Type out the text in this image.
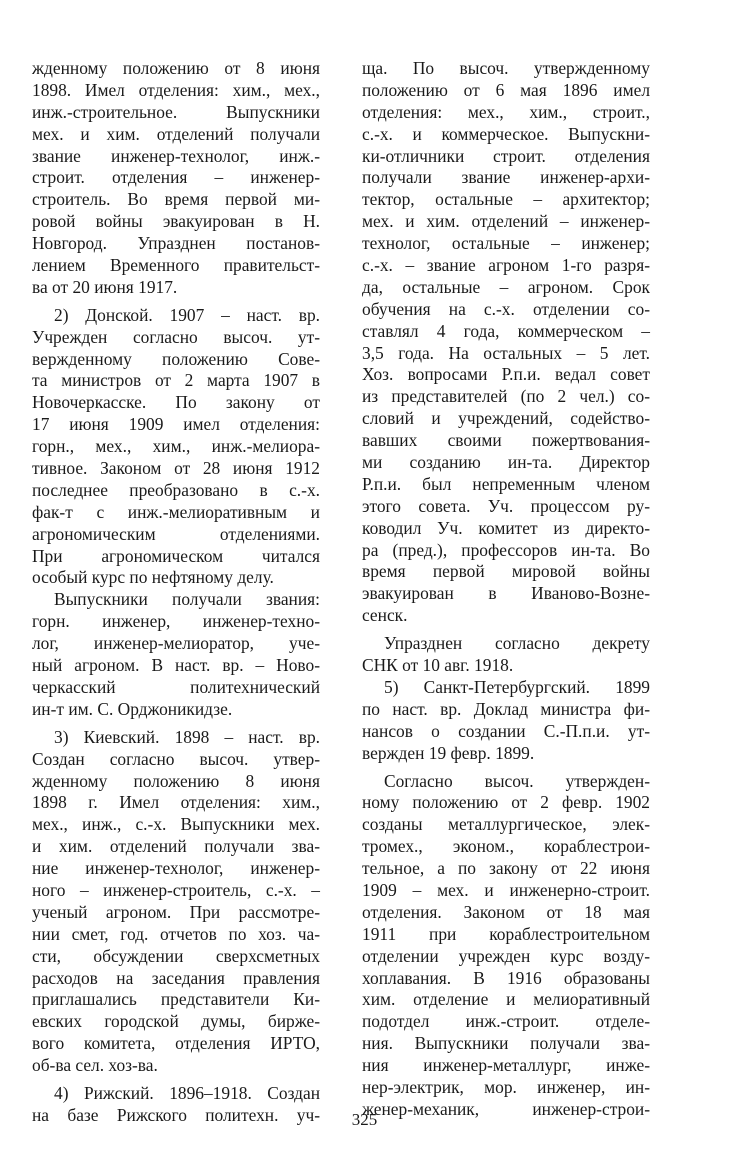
жденному положению от 8 июня
1898. Имел отделения: хим., мех.,
инж.-строительное. Выпускники
мех. и хим. отделений получали
звание инженер-технолог, инж.-
строит. отделения – инженер-
строитель. Во время первой ми-
ровой войны эвакуирован в Н.
Новгород. Упразднен постанов-
лением Временного правительст-
ва от 20 июня 1917.
2) Донской. 1907 – наст. вр.
Учрежден согласно высоч. ут-
вержденному положению Сове-
та министров от 2 марта 1907 в
Новочеркасске. По закону от
17 июня 1909 имел отделения:
горн., мех., хим., инж.-мелиора-
тивное. Законом от 28 июня 1912
последнее преобразовано в с.-х.
фак-т с инж.-мелиоративным и
агрономическим отделениями.
При агрономическом читался
особый курс по нефтяному делу.
Выпускники получали звания:
горн. инженер, инженер-техно-
лог, инженер-мелиоратор, уче-
ный агроном. В наст. вр. – Ново-
черкасский политехнический
ин-т им. С. Орджоникидзе.
3) Киевский. 1898 – наст. вр.
Создан согласно высоч. утвер-
жденному положению 8 июня
1898 г. Имел отделения: хим.,
мех., инж., с.-х. Выпускники мех.
и хим. отделений получали зва-
ние инженер-технолог, инженер-
ного – инженер-строитель, с.-х. –
ученый агроном. При рассмотре-
нии смет, год. отчетов по хоз. ча-
сти, обсуждении сверхсметных
расходов на заседания правления
приглашались представители Ки-
евских городской думы, бирже-
вого комитета, отделения ИРТО,
об-ва сел. хоз-ва.
4) Рижский. 1896–1918. Создан
на базе Рижского политехн. уч-
ща. По высоч. утвержденному
положению от 6 мая 1896 имел
отделения: мех., хим., строит.,
с.-х. и коммерческое. Выпускни-
ки-отличники строит. отделения
получали звание инженер-архи-
тектор, остальные – архитектор;
мех. и хим. отделений – инженер-
технолог, остальные – инженер;
с.-х. – звание агроном 1-го разря-
да, остальные – агроном. Срок
обучения на с.-х. отделении со-
ставлял 4 года, коммерческом –
3,5 года. На остальных – 5 лет.
Хоз. вопросами Р.п.и. ведал совет
из представителей (по 2 чел.) со-
словий и учреждений, содейство-
вавших своими пожертвования-
ми созданию ин-та. Директор
Р.п.и. был непременным членом
этого совета. Уч. процессом ру-
ководил Уч. комитет из директо-
ра (пред.), профессоров ин-та. Во
время первой мировой войны
эвакуирован в Иваново-Возне-
сенск.
Упразднен согласно декрету
СНК от 10 авг. 1918.
5) Санкт-Петербургский. 1899
по наст. вр. Доклад министра фи-
нансов о создании С.-П.п.и. ут-
вержден 19 февр. 1899.
Согласно высоч. утвержден-
ному положению от 2 февр. 1902
созданы металлургическое, элек-
тромех., эконом., кораблестрои-
тельное, а по закону от 22 июня
1909 – мех. и инженерно-строит.
отделения. Законом от 18 мая
1911 при кораблестроительном
отделении учрежден курс возду-
хоплавания. В 1916 образованы
хим. отделение и мелиоративный
подотдел инж.-строит. отделе-
ния. Выпускники получали зва-
ния инженер-металлург, инже-
нер-электрик, мор. инженер, ин-
женер-механик, инженер-строи-
325
